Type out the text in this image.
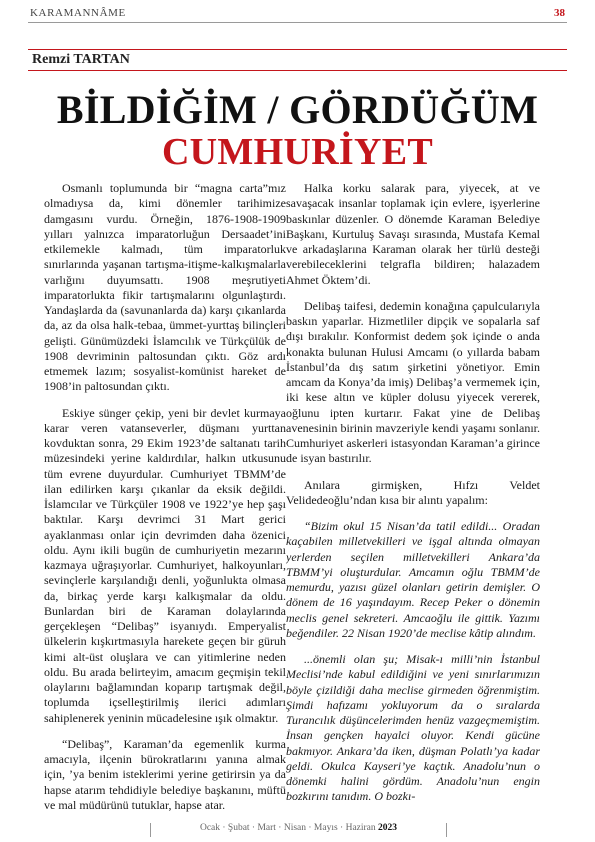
KARAMANNÂME	38
Remzi TARTAN
BİLDİĞİM / GÖRDÜĞÜM
CUMHURİYET

Osmanlı toplumunda bir “magna carta”mız olmadıysa da, kimi dönemler tarihimize damgasını vurdu. Örneğin, 1876-1908-1909 yılları yalnızca imparatorluğun Dersaadet’ini etkilemekle kalmadı, tüm imparatorluk sınırlarında yaşanan tartışma-itişme-kalkışmalarla varlığını duyumsattı. 1908 meşrutiyeti imparatorlukta fikir tartışmalarını olgunlaştırdı. Yandaşlarda da (savunanlarda da) karşı çıkanlarda da, az da olsa halk-tebaa, ümmet-yurttaş bilinçleri gelişti. Günümüzdeki İslamcılık ve Türkçülük de 1908 devriminin paltosundan çıktı. Göz ardı etmemek lazım; sosyalist-komünist hareket de 1908’in paltosundan çıktı.

Eskiye sünger çekip, yeni bir devlet kurmaya karar veren vatanseverler, düşmanı yurttan kovduktan sonra, 29 Ekim 1923’de saltanatı tarih müzesindeki yerine kaldırdılar, halkın utkusunu tüm evrene duyurdular. Cumhuriyet TBMM’de ilan edilirken karşı çıkanlar da eksik değildi. İslamcılar ve Türkçüler 1908 ve 1922’ye hep şaşı baktılar. Karşı devrimci 31 Mart gerici ayaklanması onlar için devrimden daha özenici oldu. Aynı ikili bugün de cumhuriyetin mezarını kazmaya uğraşıyorlar. Cumhuriyet, halkoyunları, sevinçlerle karşılandığı denli, yoğunlukta olmasa da, birkaç yerde karşı kalkışmalar da oldu. Bunlardan biri de Karaman dolaylarında gerçekleşen “Delibaş” isyanıydı. Emperyalist ülkelerin kışkırtmasıyla harekete geçen bir güruh kimi alt-üst oluşlara ve can yitimlerine neden oldu. Bu arada belirteyim, amacım geçmişin tekil olaylarını bağlamından koparıp tartışmak değil, toplumda içselleştirilmiş ilerici adımları sahiplenerek yeninin mücadelesine ışık olmaktır.

“Delibaş”, Karaman’da egemenlik kurma amacıyla, ilçenin bürokratlarını yanına almak için, ’ya benim isteklerimi yerine getirirsin ya da hapse atarım tehdidiyle belediye başkanını, müftü ve mal müdürünü tutuklar, hapse atar.

Halka korku salarak para, yiyecek, at ve savaşacak insanlar toplamak için evlere, işyerlerine baskınlar düzenler. O dönemde Karaman Belediye Başkanı, Kurtuluş Savaşı sırasında, Mustafa Kemal ve arkadaşlarına Karaman olarak her türlü desteği verebileceklerini telgrafla bildiren; halazadem Ahmet Öktem’di.

Delibaş taifesi, dedemin konağına çapulcularıyla baskın yaparlar. Hizmetliler dipçik ve sopalarla saf dışı bırakılır. Konformist dedem şok içinde o anda konakta bulunan Hulusi Amcamı (o yıllarda babam İstanbul’da dış satım şirketini yönetiyor. Emin amcam da Konya’da imiş) Delibaş’a vermemek için, iki kese altın ve küpler dolusu yiyecek vererek, oğlunu ipten kurtarır. Fakat yine de Delibaş avenesinin birinin mavzeriyle kendi yaşamı sonlanır. Cumhuriyet askerleri istasyondan Karaman’a girince de isyan bastırılır.

Anılara girmişken, Hıfzı Veldet Velidedeoğlu’ndan kısa bir alıntı yapalım:

“Bizim okul 15 Nisan’da tatil edildi... Oradan kaçabilen milletvekilleri ve işgal altında olmayan yerlerden seçilen milletvekilleri Ankara’da TBMM’yi oluşturdular. Amcamın oğlu TBMM’de memurdu, yazısı güzel olanları getirin demişler. O dönem de 16 yaşındayım. Recep Peker o dönemin meclis genel sekreteri. Amcaoğlu ile gittik. Yazımı beğendiler. 22 Nisan 1920’de meclise kâtip alındım.

...önemli olan şu; Misak-ı milli’nin İstanbul Meclisi’nde kabul edildiğini ve yeni sınırlarımızın böyle çizildiği daha meclise girmeden öğrenmiştim. Şimdi hafızamı yokluyorum da o sıralarda Turancılık düşüncelerimden henüz vazgeçmemiştim. İnsan gençken hayalci oluyor. Kendi gücüne bakmıyor. Ankara’da iken, düşman Polatlı’ya kadar geldi. Okulca Kayseri’ye kaçtık. Anadolu’nun o dönemki halini gördüm. Anadolu’nun engin bozkırını tanıdım. O bozkı-

Ocak · Şubat · Mart · Nisan · Mayıs · Haziran 2023
